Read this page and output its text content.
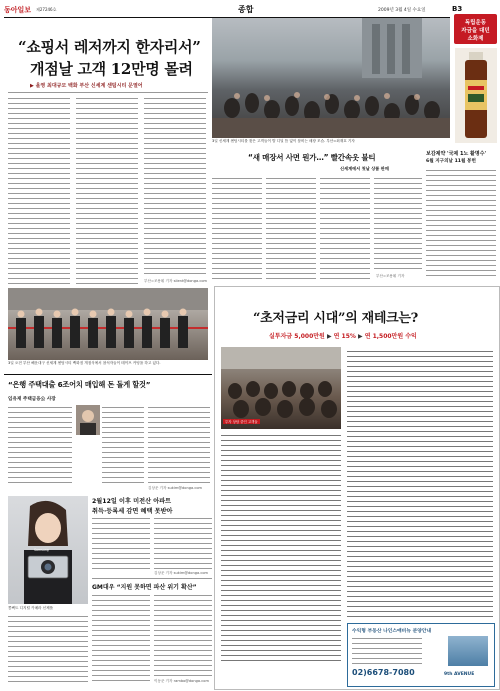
동아일보 제27246호	종합	2009년 3월 4일 수요일	B3
독립운동
자금을 대던
소화제
“쇼핑서 레저까지 한자리서”
개점날 고객 12만명 몰려
▶ 올영 최대규모 백화 부산 신세계 센텀시티 문열어
부산=조용휘 기자 silent@donga.com
3일 신세계 센텀시티를 찾은 고객들이 발 디딜 틈 없이 붐비는 매장 모습. 부산=최재호 기자
보감제약 '국제 1노 활명수'
6월 지구의날 11월 봉헌
“새 매장서 사면 뭔가…” 빨간속옷 불티
신세계에서 첫날 상품 판매
부산=조용휘 기자
3일 오전 부산 해운대구 신세계 센텀시티 백화점 개점식에서 참석자들이 테이프 커팅을 하고 있다.
“은행 주택대출 6조어치 매입해 돈 돌게 할것”
임유재 주택금융公 사장
김상운 기자 sukim@donga.com
2월12일 이후 미전산 아파트
취득·등록세 감면 혜택 못받아
김상운 기자 sukim@donga.com
Samsung
콤팩트 디지털 카메라 신제품
GM대우 “지원 못하면 파산 위기 확산”
이동준 기자 rambo@donga.com
“초저금리 시대”의 재테크는?
실투자금 5,000만원 ▶ 연 15% ▶ 연 1,500만원 수익
투자 상담 중인 고객들
수익형 부동산 나인스애비뉴 분양안내
02)6678-7080	9th AVENUE
